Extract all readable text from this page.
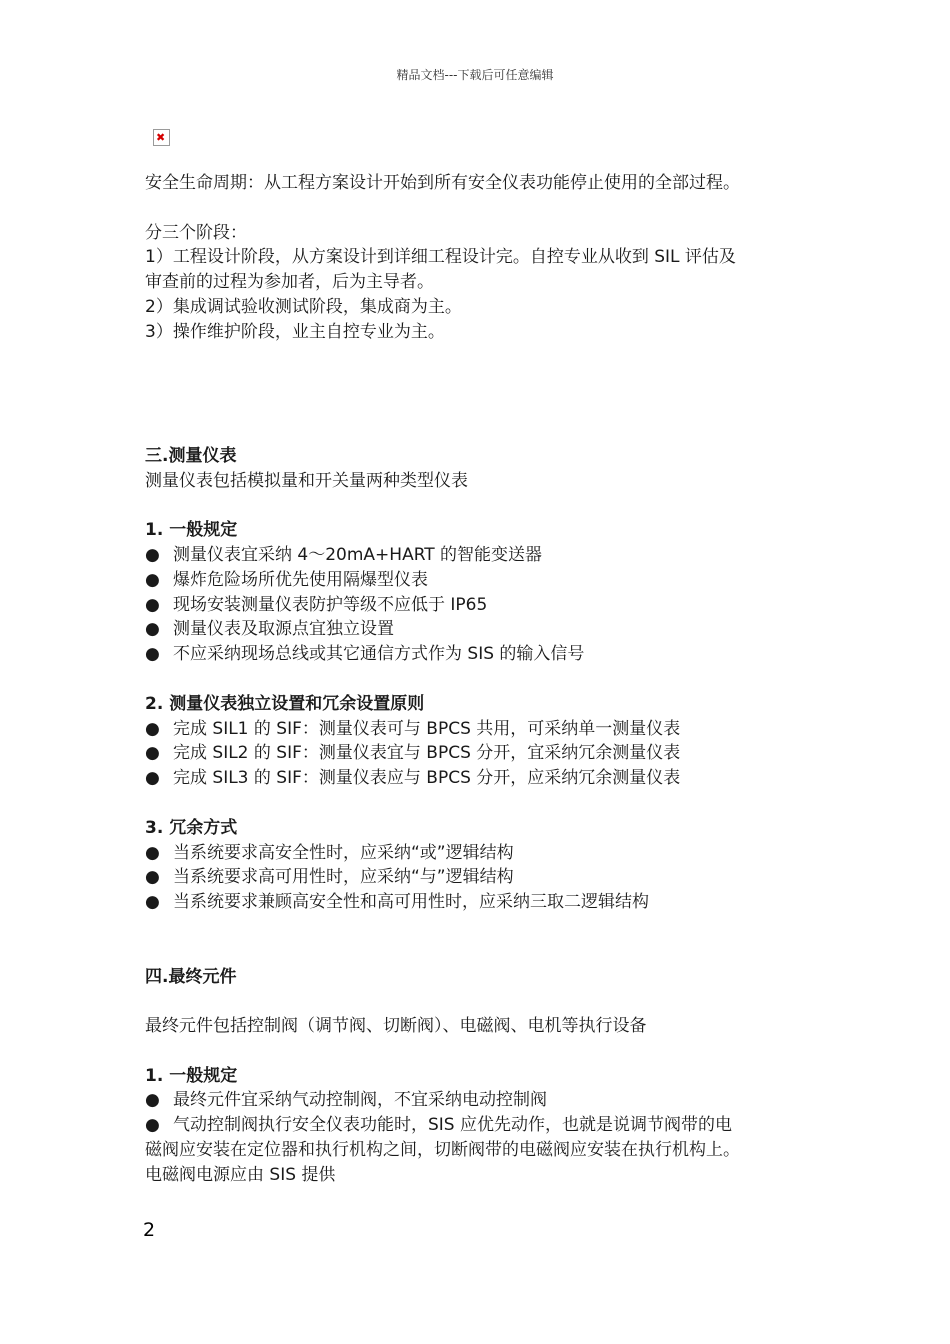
精品文档---下载后可任意编辑
✖
安全生命周期：从工程方案设计开始到所有安全仪表功能停止使用的全部过程。
分三个阶段：
1）工程设计阶段，从方案设计到详细工程设计完。自控专业从收到 SIL 评估及
审查前的过程为参加者，后为主导者。
2）集成调试验收测试阶段，集成商为主。
3）操作维护阶段，业主自控专业为主。
三.测量仪表
测量仪表包括模拟量和开关量两种类型仪表
1. 一般规定
● 测量仪表宜采纳 4～20mA+HART 的智能变送器
● 爆炸危险场所优先使用隔爆型仪表
● 现场安装测量仪表防护等级不应低于 IP65
● 测量仪表及取源点宜独立设置
● 不应采纳现场总线或其它通信方式作为 SIS 的输入信号
2. 测量仪表独立设置和冗余设置原则
● 完成 SIL1 的 SIF：测量仪表可与 BPCS 共用，可采纳单一测量仪表
● 完成 SIL2 的 SIF：测量仪表宜与 BPCS 分开，宜采纳冗余测量仪表
● 完成 SIL3 的 SIF：测量仪表应与 BPCS 分开，应采纳冗余测量仪表
3. 冗余方式
● 当系统要求高安全性时，应采纳“或”逻辑结构
● 当系统要求高可用性时，应采纳“与”逻辑结构
● 当系统要求兼顾高安全性和高可用性时，应采纳三取二逻辑结构
四.最终元件
最终元件包括控制阀（调节阀、切断阀）、电磁阀、电机等执行设备
1. 一般规定
● 最终元件宜采纳气动控制阀，不宜采纳电动控制阀
● 气动控制阀执行安全仪表功能时，SIS 应优先动作，也就是说调节阀带的电
磁阀应安装在定位器和执行机构之间，切断阀带的电磁阀应安装在执行机构上。
电磁阀电源应由 SIS 提供
2
